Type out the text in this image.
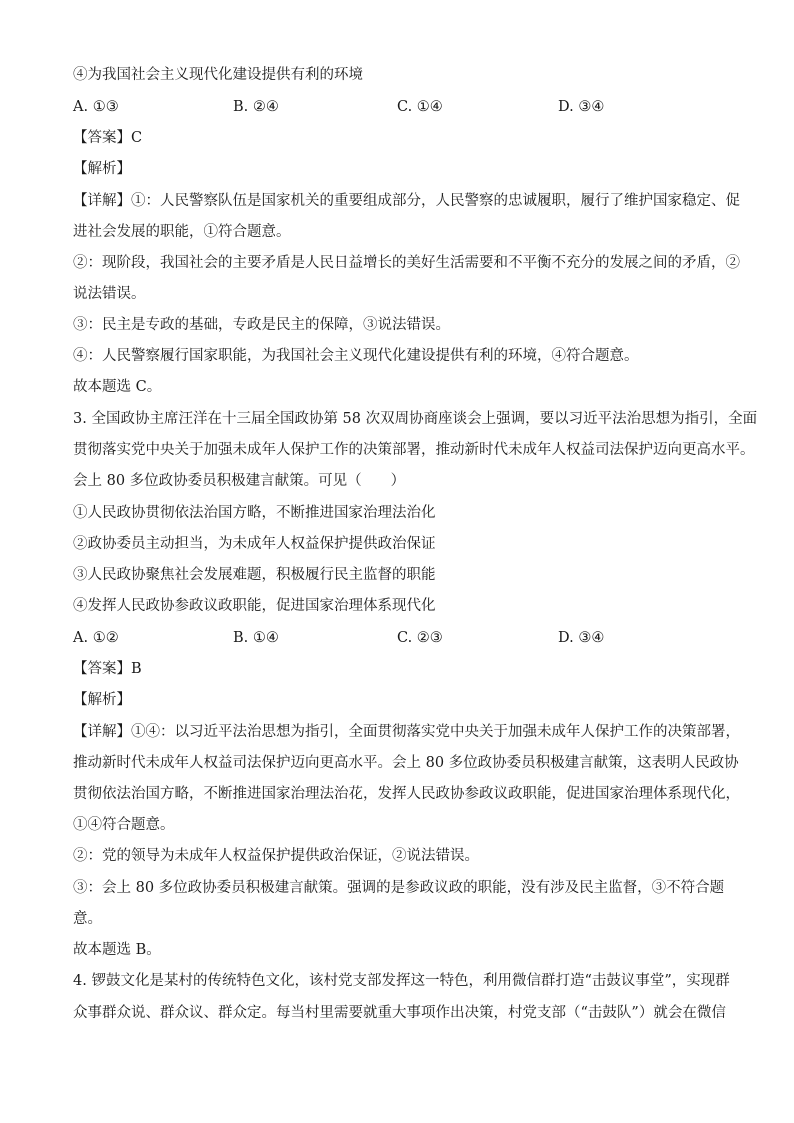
④为我国社会主义现代化建设提供有利的环境
A. ①③	B. ②④	C. ①④	D. ③④
【答案】C
【解析】
【详解】①：人民警察队伍是国家机关的重要组成部分，人民警察的忠诚履职，履行了维护国家稳定、促
进社会发展的职能，①符合题意。
②：现阶段，我国社会的主要矛盾是人民日益增长的美好生活需要和不平衡不充分的发展之间的矛盾，②
说法错误。
③：民主是专政的基础，专政是民主的保障，③说法错误。
④：人民警察履行国家职能，为我国社会主义现代化建设提供有利的环境，④符合题意。
故本题选 C。
3. 全国政协主席汪洋在十三届全国政协第 58 次双周协商座谈会上强调，要以习近平法治思想为指引，全面
贯彻落实党中央关于加强未成年人保护工作的决策部署，推动新时代未成年人权益司法保护迈向更高水平。
会上 80 多位政协委员积极建言献策。可见（　　）
①人民政协贯彻依法治国方略，不断推进国家治理法治化
②政协委员主动担当，为未成年人权益保护提供政治保证
③人民政协聚焦社会发展难题，积极履行民主监督的职能
④发挥人民政协参政议政职能，促进国家治理体系现代化
A. ①②	B. ①④	C. ②③	D. ③④
【答案】B
【解析】
【详解】①④：以习近平法治思想为指引，全面贯彻落实党中央关于加强未成年人保护工作的决策部署，
推动新时代未成年人权益司法保护迈向更高水平。会上 80 多位政协委员积极建言献策，这表明人民政协
贯彻依法治国方略，不断推进国家治理法治花，发挥人民政协参政议政职能，促进国家治理体系现代化，
①④符合题意。
②：党的领导为未成年人权益保护提供政治保证，②说法错误。
③：会上 80 多位政协委员积极建言献策。强调的是参政议政的职能，没有涉及民主监督，③不符合题
意。
故本题选 B。
4. 锣鼓文化是某村的传统特色文化，该村党支部发挥这一特色，利用微信群打造“击鼓议事堂”，实现群
众事群众说、群众议、群众定。每当村里需要就重大事项作出决策，村党支部（“击鼓队”）就会在微信
